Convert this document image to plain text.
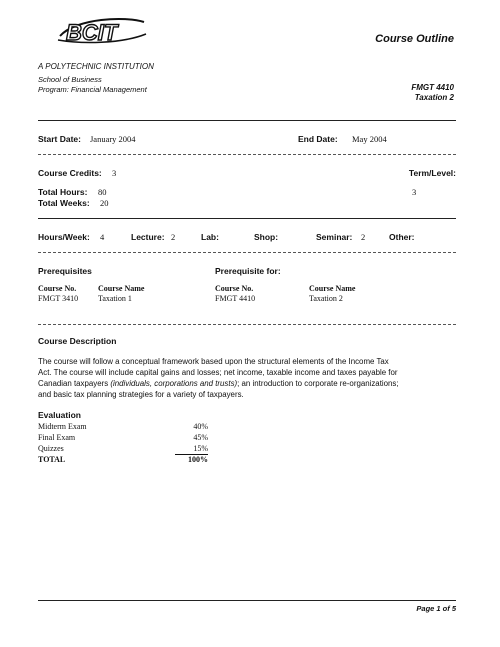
BCIT	Course Outline
A POLYTECHNIC INSTITUTION
School of Business
Program: Financial Management	FMGT 4410
Taxation 2
Start Date: January 2004	End Date: May 2004
Course Credits: 3	Term/Level:
3
Total Hours: 80
Total Weeks: 20
Hours/Week: 4	Lecture: 2	Lab:	Shop:	Seminar: 2	Other:
Prerequisites
Course No.	Course Name
FMGT 3410 Taxation 1
Prerequisite for:
Course No.	Course Name
FMGT 4410	Taxation 2
Course Description
The course will follow a conceptual framework based upon the structural elements of the Income Tax
Act. The course will include capital gains and losses; net income, taxable income and taxes payable for
Canadian taxpayers (individuals, corporations and trusts); an introduction to corporate re-organizations;
and basic tax planning strategies for a variety of taxpayers.
Evaluation
Midterm Exam	40%
Final Exam	45%
Quizzes	15%
TOTAL	100%
Page 1 of 5
